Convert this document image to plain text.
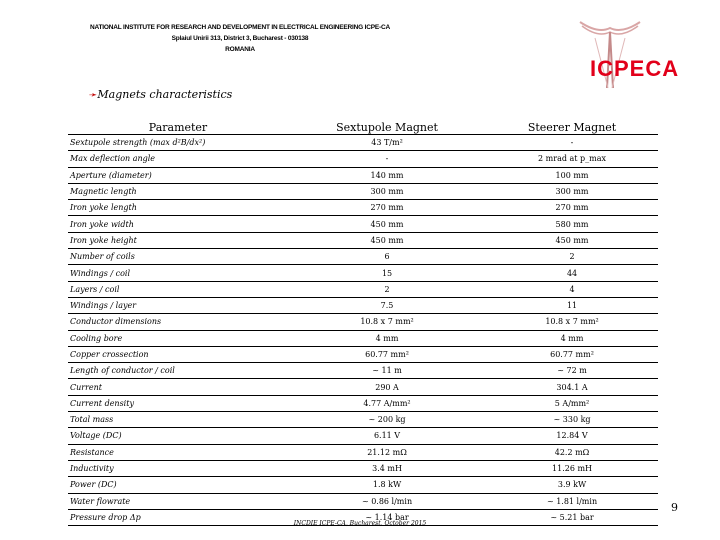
NATIONAL INSTITUTE FOR RESEARCH AND DEVELOPMENT IN ELECTRICAL ENGINEERING ICPE-CA
Splaiul Unirii 313, District 3, Bucharest - 030138
ROMANIA
ICPECA
➛Magnets characteristics
Parameter	Sextupole Magnet	Steerer Magnet
Sextupole strength (max d²B/dx²)	43 T/m²	-
Max deflection angle	-	2 mrad at p_max
Aperture (diameter)	140 mm	100 mm
Magnetic length	300 mm	300 mm
Iron yoke length	270 mm	270 mm
Iron yoke width	450 mm	580 mm
Iron yoke height	450 mm	450 mm
Number of coils	6	2
Windings / coil	15	44
Layers / coil	2	4
Windings / layer	7.5	11
Conductor dimensions	10.8 x 7 mm²	10.8 x 7 mm²
Cooling bore	4 mm	4 mm
Copper crossection	60.77 mm²	60.77 mm²
Length of conductor / coil	~ 11 m	~ 72 m
Current	290 A	304.1 A
Current density	4.77 A/mm²	5 A/mm²
Total mass	~ 200 kg	~ 330 kg
Voltage (DC)	6.11 V	12.84 V
Resistance	21.12 mΩ	42.2 mΩ
Inductivity	3.4 mH	11.26 mH
Power (DC)	1.8 kW	3.9 kW
Water flowrate	~ 0.86 l/min	~ 1.81 l/min
Pressure drop Δp	~ 1.14 bar	~ 5.21 bar
INCDIE ICPE-CA, Bucharest, October 2015
9
